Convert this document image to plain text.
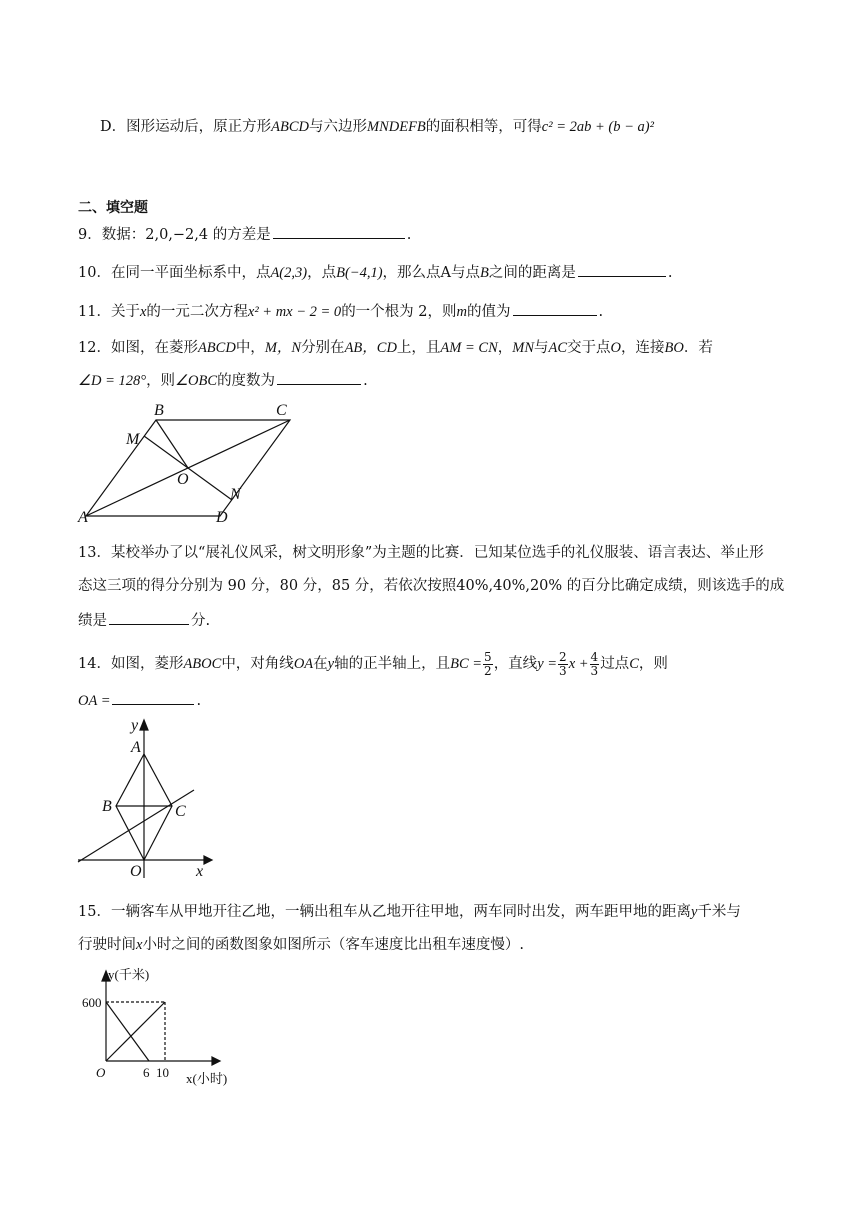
D．图形运动后，原正方形ABCD与六边形MNDEFB的面积相等，可得c² = 2ab + (b − a)²
二、填空题
9．数据：2,0,−2,4 的方差是	.
10．在同一平面坐标系中，点A(2,3)，点B(−4,1)，那么点A与点B之间的距离是	.
11．关于x的一元二次方程x² + mx − 2 = 0的一个根为 2，则m的值为	.
12．如图，在菱形ABCD中，M，N分别在AB，CD上，且AM = CN，MN与AC交于点O，连接BO．若
∠D = 128°，则∠OBC的度数为	.
B	C
M
O
N
A	D
13．某校举办了以“展礼仪风采，树文明形象”为主题的比赛．已知某位选手的礼仪服装、语言表达、举止形
态这三项的得分分别为 90 分，80 分，85 分，若依次按照40%,40%,20% 的百分比确定成绩，则该选手的成
绩是	分.
14．如图，菱形ABOC中，对角线OA在y轴的正半轴上，且BC = $\frac{5}{2}$ ，直线$y = \frac{2}{3}$ $x + \frac{4}{3}$ 过点C，则
OA =	.
y
A
B	C
O	x
15．一辆客车从甲地开往乙地，一辆出租车从乙地开往甲地，两车同时出发，两车距甲地的距离y千米与
行驶时间x小时之间的函数图象如图所示（客车速度比出租车速度慢）.
y(千米)
600
O	6 10 x(小时)
